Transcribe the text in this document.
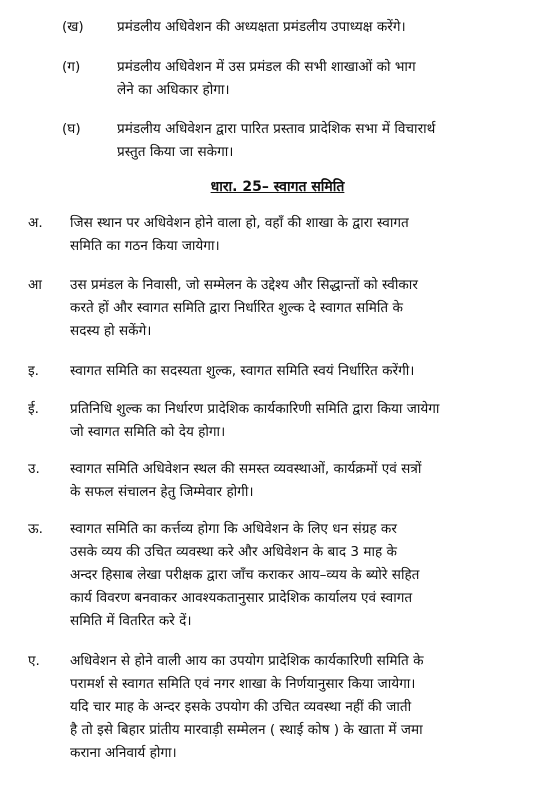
(ख) प्रमंडलीय अधिवेशन की अध्यक्षता प्रमंडलीय उपाध्यक्ष करेंगे।
(ग)	प्रमंडलीय अधिवेशन में उस प्रमंडल की सभी शाखाओं को भाग
लेने का अधिकार होगा।
(घ)	प्रमंडलीय अधिवेशन द्वारा पारित प्रस्ताव प्रादेशिक सभा में विचारार्थ
प्रस्तुत किया जा सकेगा।
धारा. 25– स्वागत समिति
अ. जिस स्थान पर अधिवेशन होने वाला हो, वहाँ की शाखा के द्वारा स्वागत
समिति का गठन किया जायेगा।
आ उस प्रमंडल के निवासी, जो सम्मेलन के उद्देश्य और सिद्धान्तों को स्वीकार
करते हों और स्वागत समिति द्वारा निर्धारित शुल्क दे स्वागत समिति के
सदस्य हो सकेंगे।
इ. स्वागत समिति का सदस्यता शुल्क, स्वागत समिति स्वयं निर्धारित करेंगी।
ई. प्रतिनिधि शुल्क का निर्धारण प्रादेशिक कार्यकारिणी समिति द्वारा किया जायेगा
जो स्वागत समिति को देय होगा।
उ. स्वागत समिति अधिवेशन स्थल की समस्त व्यवस्थाओं, कार्यक्रमों एवं सत्रों
के सफल संचालन हेतु जिम्मेवार होगी।
ऊ. स्वागत समिति का कर्त्तव्य होगा कि अधिवेशन के लिए धन संग्रह कर
उसके व्यय की उचित व्यवस्था करे और अधिवेशन के बाद 3 माह के
अन्दर हिसाब लेखा परीक्षक द्वारा जाँच कराकर आय–व्यय के ब्योरे सहित
कार्य विवरण बनवाकर आवश्यकतानुसार प्रादेशिक कार्यालय एवं स्वागत
समिति में वितरित करे दें।
ए. अधिवेशन से होने वाली आय का उपयोग प्रादेशिक कार्यकारिणी समिति के
परामर्श से स्वागत समिति एवं नगर शाखा के निर्णयानुसार किया जायेगा।
यदि चार माह के अन्दर इसके उपयोग की उचित व्यवस्था नहीं की जाती
है तो इसे बिहार प्रांतीय मारवाड़ी सम्मेलन ( स्थाई कोष ) के खाता में जमा
कराना अनिवार्य होगा।
